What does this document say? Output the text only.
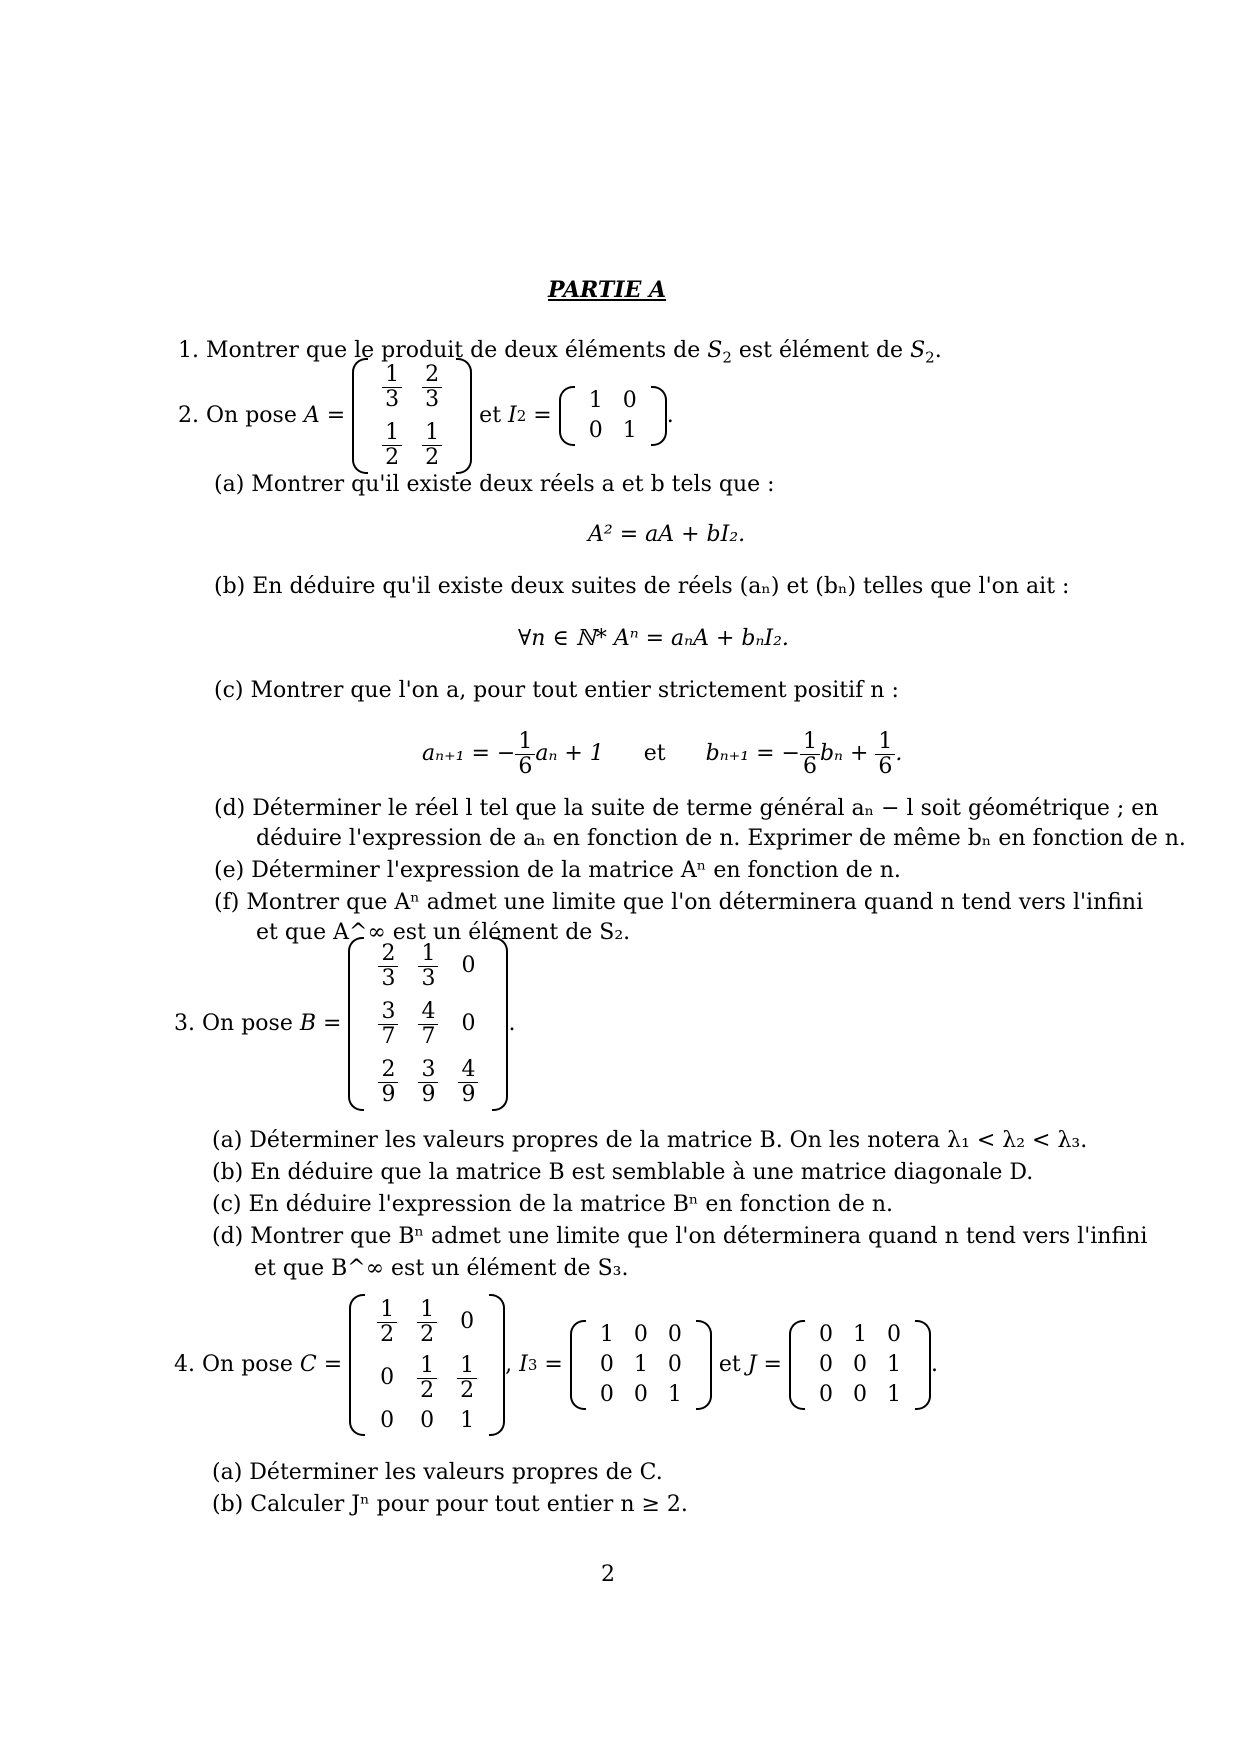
PARTIE A
1. Montrer que le produit de deux éléments de $S_2$ est élément de $S_2$.
2.
On pose
A
=

$\frac{1}{3}$	$\frac{2}{3}$

$\frac{1}{2}$	$\frac{1}{2}$

et
I 2
=

1	0
0	1
.
(a) Montrer qu'il existe deux réels a et b tels que :
A² = aA + bI₂.
(b) En déduire qu'il existe deux suites de réels (aₙ) et (bₙ) telles que l'on ait :
∀n ∈ ℕ* Aⁿ = aₙA + bₙI₂.
(c) Montrer que l'on a, pour tout entier strictement positif n :
aₙ₊₁ = − $\frac{1}{6}$ aₙ + 1 et bₙ₊₁ = − $\frac{1}{6}$ bₙ +
$\frac{1}{6}$ .
(d) Déterminer le réel l tel que la suite de terme général aₙ − l soit géométrique ; en
déduire l'expression de aₙ en fonction de n. Exprimer de même bₙ en fonction de n.
(e) Déterminer l'expression de la matrice Aⁿ en fonction de n.
(f) Montrer que Aⁿ admet une limite que l'on déterminera quand n tend vers l'infini
et que A^∞ est un élément de S₂.
3.
On pose
B
=

$\frac{2}{3}$	$\frac{1}{3}$	0

$\frac{3}{7}$	$\frac{4}{7}$	0

$\frac{2}{9}$	$\frac{3}{9}$	$\frac{4}{9}$
.
(a) Déterminer les valeurs propres de la matrice B. On les notera λ₁ < λ₂ < λ₃.
(b) En déduire que la matrice B est semblable à une matrice diagonale D.
(c) En déduire l'expression de la matrice Bⁿ en fonction de n.
(d) Montrer que Bⁿ admet une limite que l'on déterminera quand n tend vers l'infini
et que B^∞ est un élément de S₃.
4.
On pose
C
=

$\frac{1}{2}$	$\frac{1}{2}$	0
0	$\frac{1}{2}$	$\frac{1}{2}$

0	0	1
,
I 3
=

1	0	0
0	1	0
0	0	1

et
J
=

0	1	0
0	0	1
0	0	1
.
(a) Déterminer les valeurs propres de C.
(b) Calculer Jⁿ pour pour tout entier n ≥ 2.
2
